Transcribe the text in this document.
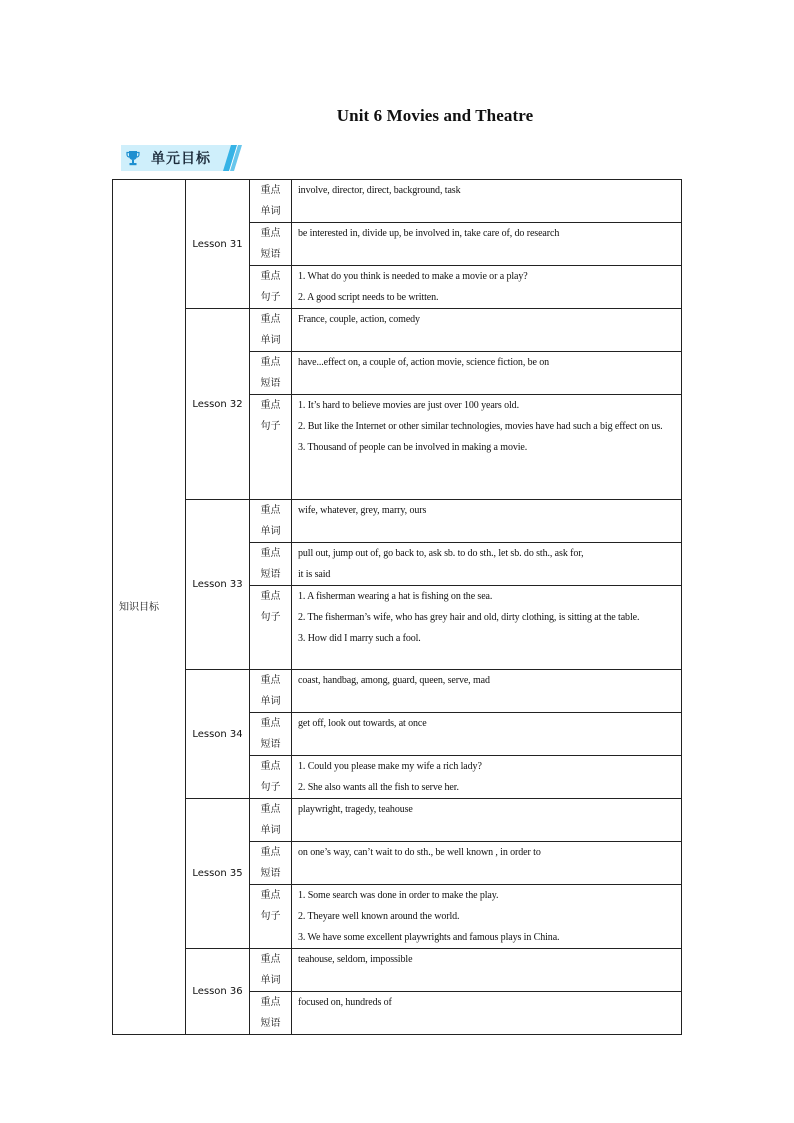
Unit 6 Movies and Theatre
单元目标
知识目标	Lesson 31	重点
单词	involve, director, direct, background, task

		重点
短语	be interested in, divide up, be involved in, take care of, do research

		重点
句子	1. What do you think is needed to make a movie or a play?
2. A good script needs to be written.

	Lesson 32	重点
单词	France, couple, action, comedy

		重点
短语	have...effect on, a couple of, action movie, science fiction, be on

		重点
句子	1. It’s hard to believe movies are just over 100 years old.
2. But like the Internet or other similar technologies, movies have had such a big effect on us.
3. Thousand of people can be involved in making a movie.

	Lesson 33	重点
单词	wife, whatever, grey, marry, ours

		重点
短语	pull out, jump out of, go back to, ask sb. to do sth., let sb. do sth., ask for,
it is said

		重点
句子	1. A fisherman wearing a hat is fishing on the sea.
2. The fisherman’s wife, who has grey hair and old, dirty clothing, is sitting at the table.
3. How did I marry such a fool.

	Lesson 34	重点
单词	coast, handbag, among, guard, queen, serve, mad

		重点
短语	get off, look out towards, at once

		重点
句子	1. Could you please make my wife a rich lady?
2. She also wants all the fish to serve her.

	Lesson 35	重点
单词	playwright, tragedy, teahouse

		重点
短语	on one’s way, can’t wait to do sth., be well known , in order to

		重点
句子	1. Some search was done in order to make the play.
2. Theyare well known around the world.
3. We have some excellent playwrights and famous plays in China.

	Lesson 36	重点
单词	teahouse, seldom, impossible

		重点
短语	focused on, hundreds of
